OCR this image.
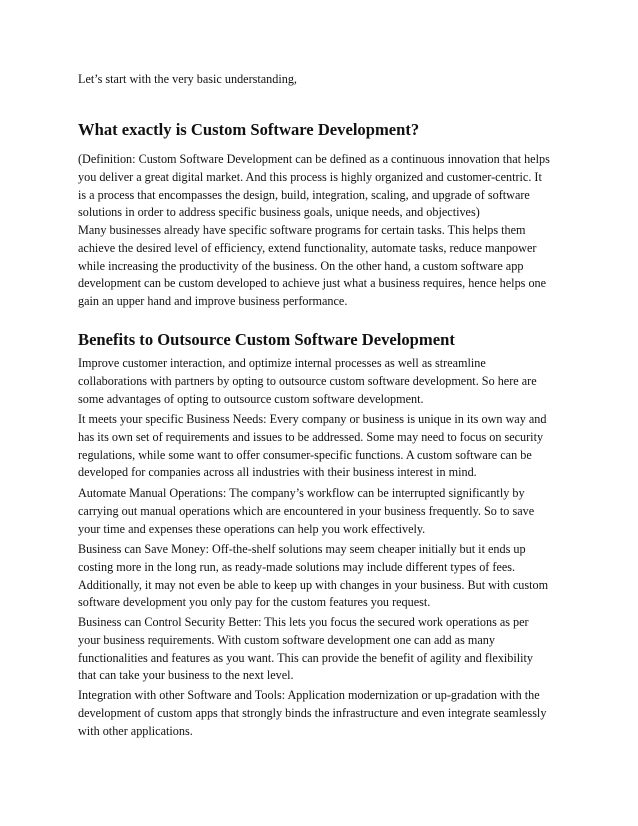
Let’s start with the very basic understanding,
What exactly is Custom Software Development?
(Definition: Custom Software Development can be defined as a continuous innovation that helps
you deliver a great digital market. And this process is highly organized and customer-centric. It
is a process that encompasses the design, build, integration, scaling, and upgrade of software
solutions in order to address specific business goals, unique needs, and objectives)
Many businesses already have specific software programs for certain tasks. This helps them
achieve the desired level of efficiency, extend functionality, automate tasks, reduce manpower
while increasing the productivity of the business. On the other hand, a custom software app
development can be custom developed to achieve just what a business requires, hence helps one
gain an upper hand and improve business performance.
Benefits to Outsource Custom Software Development
Improve customer interaction, and optimize internal processes as well as streamline
collaborations with partners by opting to outsource custom software development. So here are
some advantages of opting to outsource custom software development.
It meets your specific Business Needs: Every company or business is unique in its own way and
has its own set of requirements and issues to be addressed. Some may need to focus on security
regulations, while some want to offer consumer-specific functions. A custom software can be
developed for companies across all industries with their business interest in mind.
Automate Manual Operations: The company’s workflow can be interrupted significantly by
carrying out manual operations which are encountered in your business frequently. So to save
your time and expenses these operations can help you work effectively.
Business can Save Money: Off-the-shelf solutions may seem cheaper initially but it ends up
costing more in the long run, as ready-made solutions may include different types of fees.
Additionally, it may not even be able to keep up with changes in your business. But with custom
software development you only pay for the custom features you request.
Business can Control Security Better: This lets you focus the secured work operations as per
your business requirements. With custom software development one can add as many
functionalities and features as you want. This can provide the benefit of agility and flexibility
that can take your business to the next level.
Integration with other Software and Tools: Application modernization or up-gradation with the
development of custom apps that strongly binds the infrastructure and even integrate seamlessly
with other applications.
